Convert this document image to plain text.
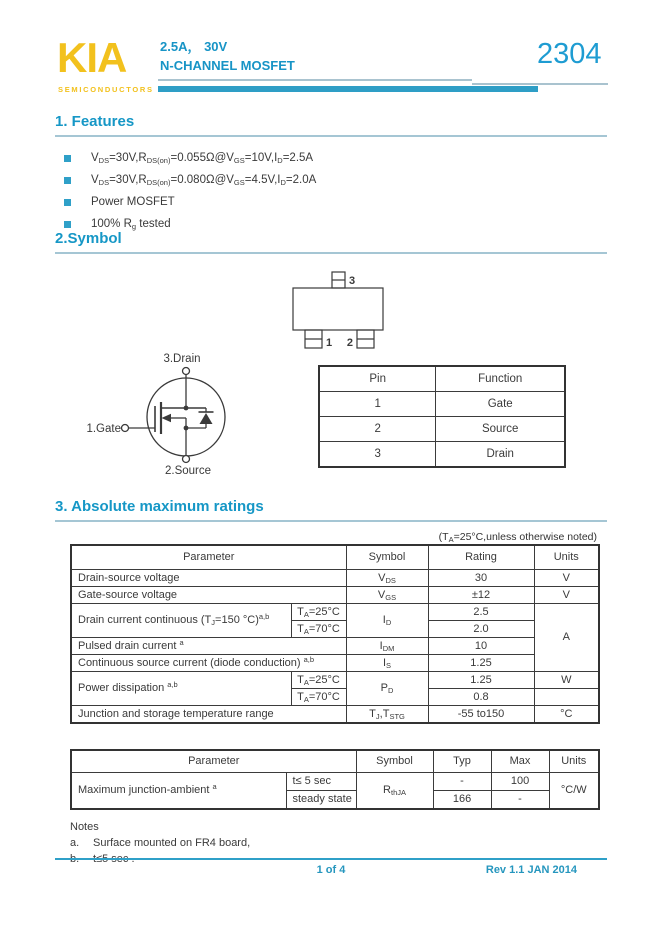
KIA
SEMICONDUCTORS
2.5A， 30V
N-CHANNEL MOSFET	2304
1. Features
$V_{DS}=30V,R_{DS(on)}=0.055\Omega@V_{GS}=10V,I_D=2.5A$
$V_{DS}=30V,R_{DS(on)}=0.080\Omega@V_{GS}=4.5V,I_D=2.0A$
Power MOSFET
100% $R_g$ tested
2.Symbol
3
1 2
3.Drain
1.Gate
2.Source
Pin	Function
1	Gate
2	Source
3	Drain
3. Absolute maximum ratings
($T_A=25^\circ C,unless$ otherwise noted)
Parameter		Symbol	Rating	Units
Drain-source voltage		$V_{DS}$	30	V
Gate-source voltage		$V_{GS}$	±12	V
Drain current continuous ($T_J=150$ °C)$^{a,b}$	$T_A=25^\circ C$	$I_D$	2.5	A
	$T_A=70^\circ C$		2.0	
Pulsed drain current $^a$		$I_{DM}$	10	
Continuous source current (diode conduction) $^{a,b}$		$I_S$	1.25	
Power dissipation $^{a,b}$	$T_A=25^\circ C$	$P_D$	1.25	W
	$T_A=70^\circ C$		0.8	
Junction and storage temperature range		$T_J,T_{STG}$	-55 to150	°C
Parameter		Symbol	Typ	Max	Units
Maximum junction-ambient $^a$	t≤ 5 sec	$R_{thJA}$	-	100	°C/W
	steady state		166	-	
Notes
a.	Surface mounted on FR4 board,
b.	t≤5 sec .
1 of 4	Rev 1.1 JAN 2014
